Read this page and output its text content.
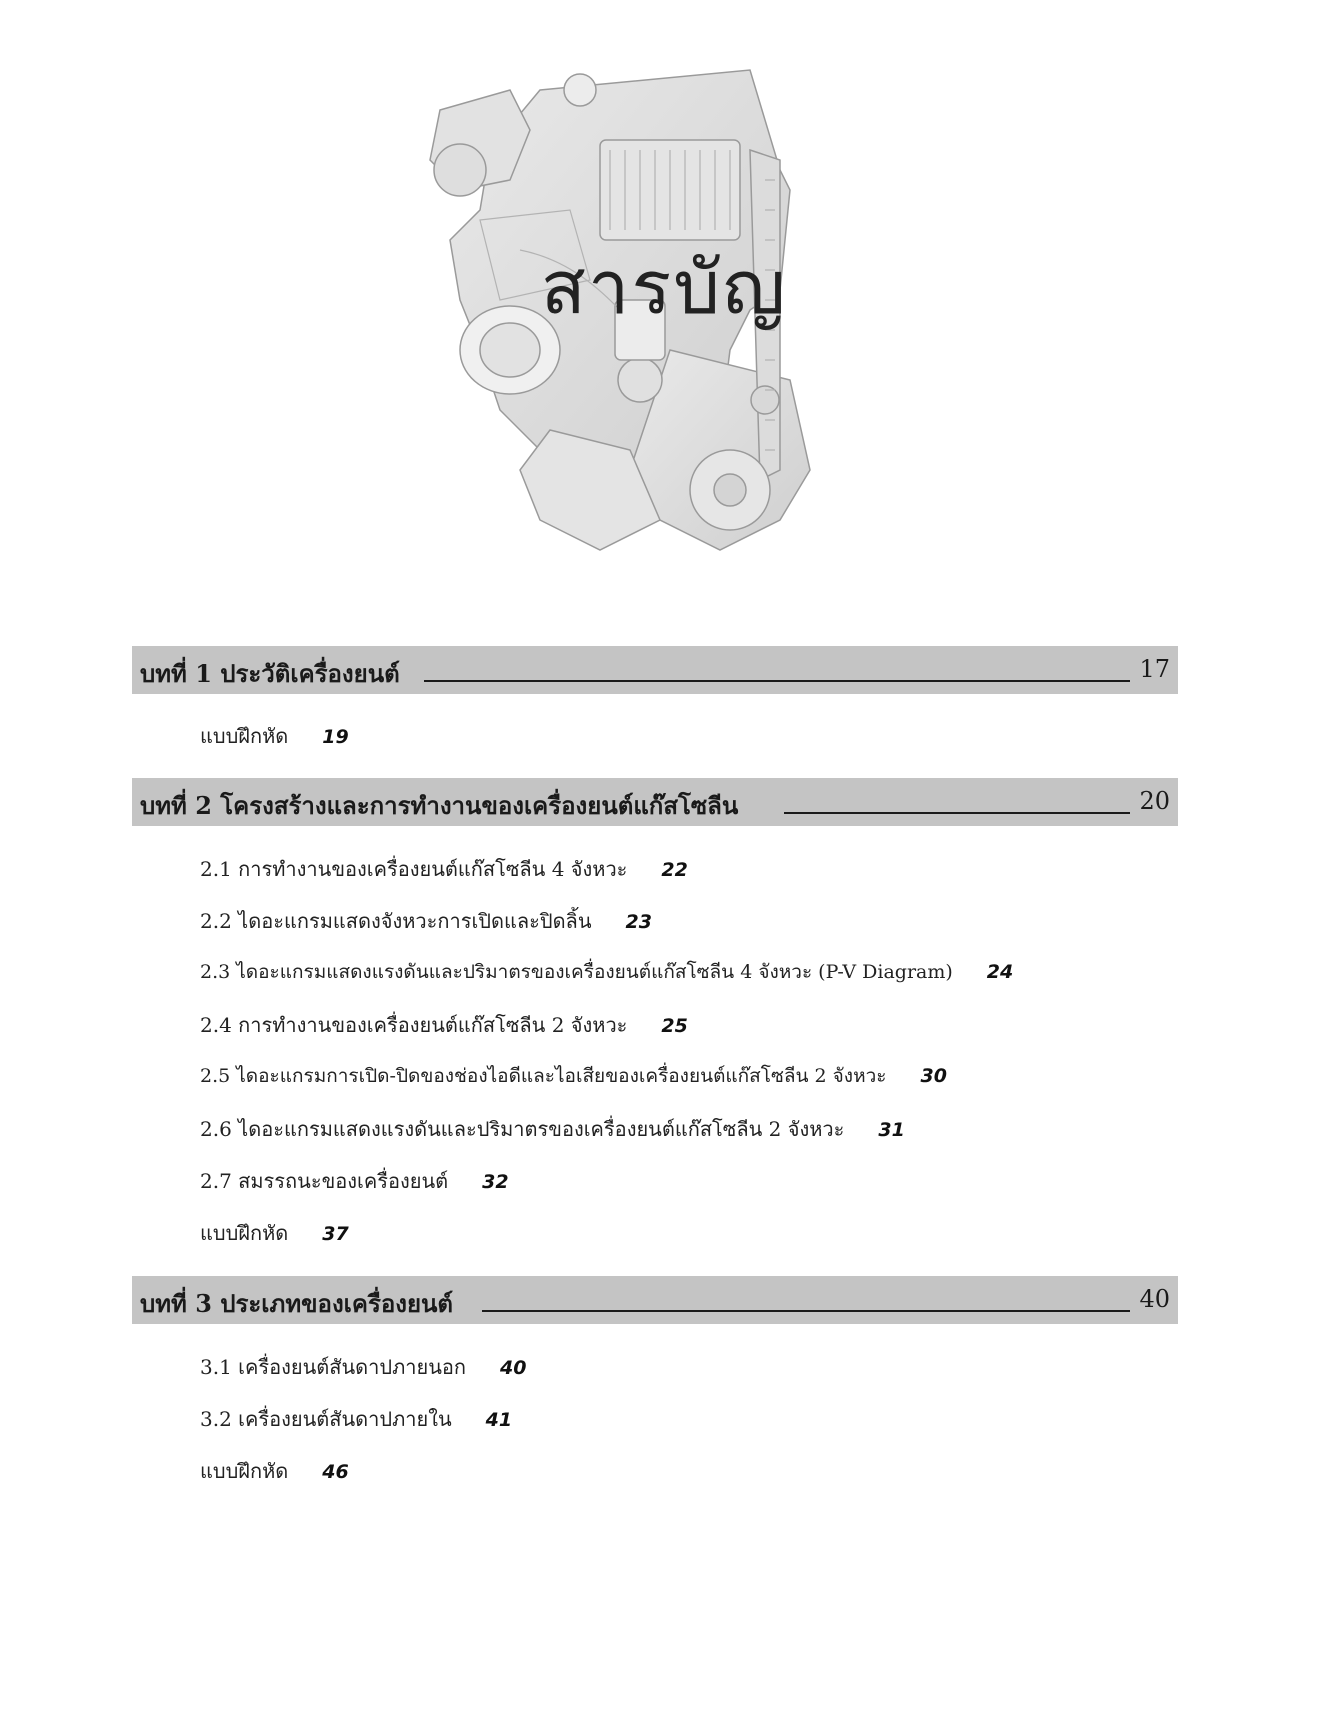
สารบัญ
บทที่ 1 ประวัติเครื่องยนต์	17
แบบฝึกหัด 19
บทที่ 2 โครงสร้างและการทำงานของเครื่องยนต์แก๊สโซลีน	20
2.1 การทำงานของเครื่องยนต์แก๊สโซลีน 4 จังหวะ 22
2.2 ไดอะแกรมแสดงจังหวะการเปิดและปิดลิ้น 23
2.3 ไดอะแกรมแสดงแรงดันและปริมาตรของเครื่องยนต์แก๊สโซลีน 4 จังหวะ (P-V Diagram) 24
2.4 การทำงานของเครื่องยนต์แก๊สโซลีน 2 จังหวะ 25
2.5 ไดอะแกรมการเปิด-ปิดของช่องไอดีและไอเสียของเครื่องยนต์แก๊สโซลีน 2 จังหวะ 30
2.6 ไดอะแกรมแสดงแรงดันและปริมาตรของเครื่องยนต์แก๊สโซลีน 2 จังหวะ 31
2.7 สมรรถนะของเครื่องยนต์ 32
แบบฝึกหัด 37
บทที่ 3 ประเภทของเครื่องยนต์	40
3.1 เครื่องยนต์สันดาปภายนอก 40
3.2 เครื่องยนต์สันดาปภายใน 41
แบบฝึกหัด 46
